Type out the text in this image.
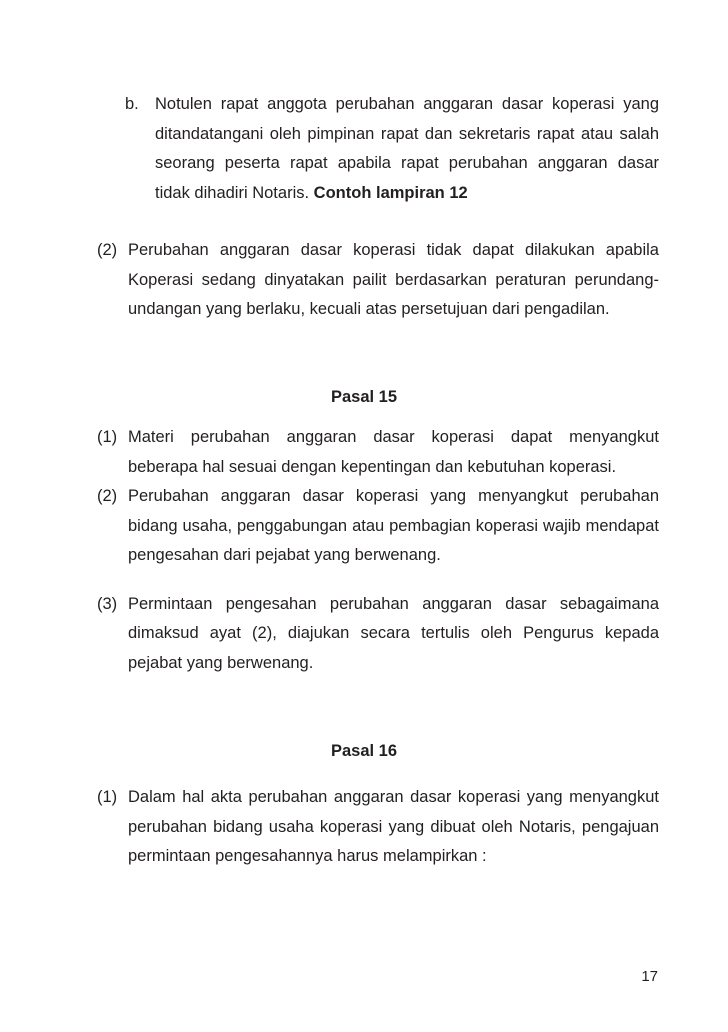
b. Notulen rapat anggota perubahan anggaran dasar koperasi yang ditandatangani oleh pimpinan rapat dan sekretaris rapat atau salah seorang peserta rapat apabila rapat perubahan anggaran dasar tidak dihadiri Notaris. Contoh lampiran 12
(2) Perubahan anggaran dasar koperasi tidak dapat dilakukan apabila Koperasi sedang dinyatakan pailit berdasarkan peraturan perundang-undangan yang berlaku, kecuali atas persetujuan dari pengadilan.
Pasal 15
(1) Materi perubahan anggaran dasar koperasi dapat menyangkut beberapa hal sesuai dengan kepentingan dan kebutuhan koperasi.
(2) Perubahan anggaran dasar koperasi yang menyangkut perubahan bidang usaha, penggabungan atau pembagian koperasi wajib mendapat pengesahan dari pejabat yang berwenang.
(3) Permintaan pengesahan perubahan anggaran dasar sebagaimana dimaksud ayat (2), diajukan secara tertulis oleh Pengurus kepada pejabat yang berwenang.
Pasal 16
(1) Dalam hal akta perubahan anggaran dasar koperasi yang menyangkut perubahan bidang usaha koperasi yang dibuat oleh Notaris, pengajuan permintaan pengesahannya harus melampirkan :
17
